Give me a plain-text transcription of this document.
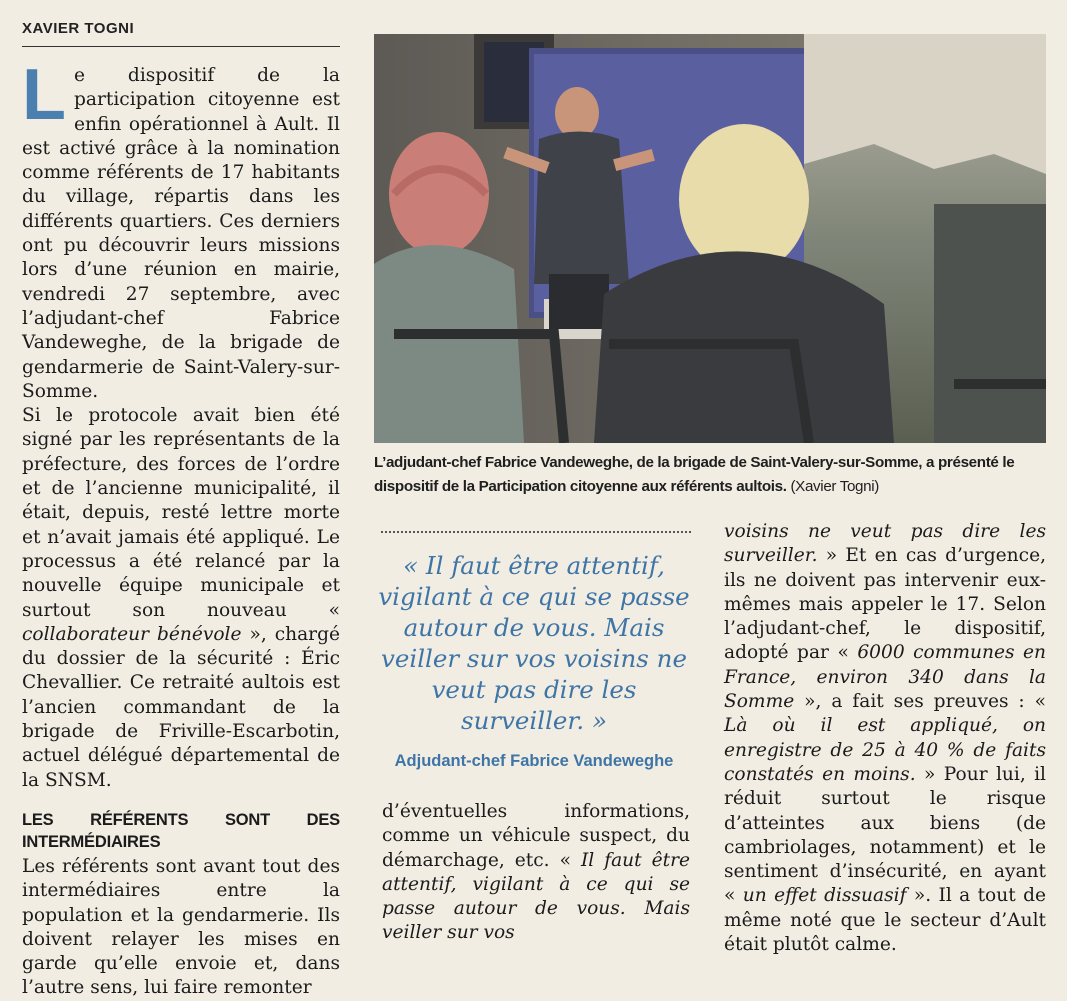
XAVIER TOGNI

Le dispositif de la participation citoyenne est enfin opérationnel à Ault. Il est activé grâce à la nomination comme référents de 17 habitants du village, répartis dans les différents quartiers. Ces derniers ont pu découvrir leurs missions lors d’une réunion en mairie, vendredi 27 septembre, avec l’adjudant-chef Fabrice Vandeweghe, de la brigade de gendarmerie de Saint-Valery-sur-Somme.

Si le protocole avait bien été signé par les représentants de la préfecture, des forces de l’ordre et de l’ancienne municipalité, il était, depuis, resté lettre morte et n’avait jamais été appliqué. Le processus a été relancé par la nouvelle équipe municipale et surtout son nouveau « collaborateur bénévole », chargé du dossier de la sécurité : Éric Chevallier. Ce retraité aultois est l’ancien commandant de la brigade de Friville-Escarbotin, actuel délégué départemental de la SNSM.

LES RÉFÉRENTS SONT DES INTERMÉDIAIRES

Les référents sont avant tout des intermédiaires entre la population et la gendarmerie. Ils doivent relayer les mises en garde qu’elle envoie et, dans l’autre sens, lui faire remonter

L’adjudant-chef Fabrice Vandeweghe, de la brigade de Saint-Valery-sur-Somme, a présenté le dispositif de la Participation citoyenne aux référents aultois. (Xavier Togni)
« Il faut être attentif, vigilant à ce qui se passe autour de vous. Mais veiller sur vos voisins ne veut pas dire les surveiller. »
Adjudant-chef Fabrice Vandeweghe

d’éventuelles informations, comme un véhicule suspect, du démarchage, etc. « Il faut être attentif, vigilant à ce qui se passe autour de vous. Mais veiller sur vos

voisins ne veut pas dire les surveiller. » Et en cas d’urgence, ils ne doivent pas intervenir eux-mêmes mais appeler le 17. Selon l’adjudant-chef, le dispositif, adopté par « 6000 communes en France, environ 340 dans la Somme », a fait ses preuves : « Là où il est appliqué, on enregistre de 25 à 40 % de faits constatés en moins. » Pour lui, il réduit surtout le risque d’atteintes aux biens (de cambriolages, notamment) et le sentiment d’insécurité, en ayant « un effet dissuasif ». Il a tout de même noté que le secteur d’Ault était plutôt calme.
